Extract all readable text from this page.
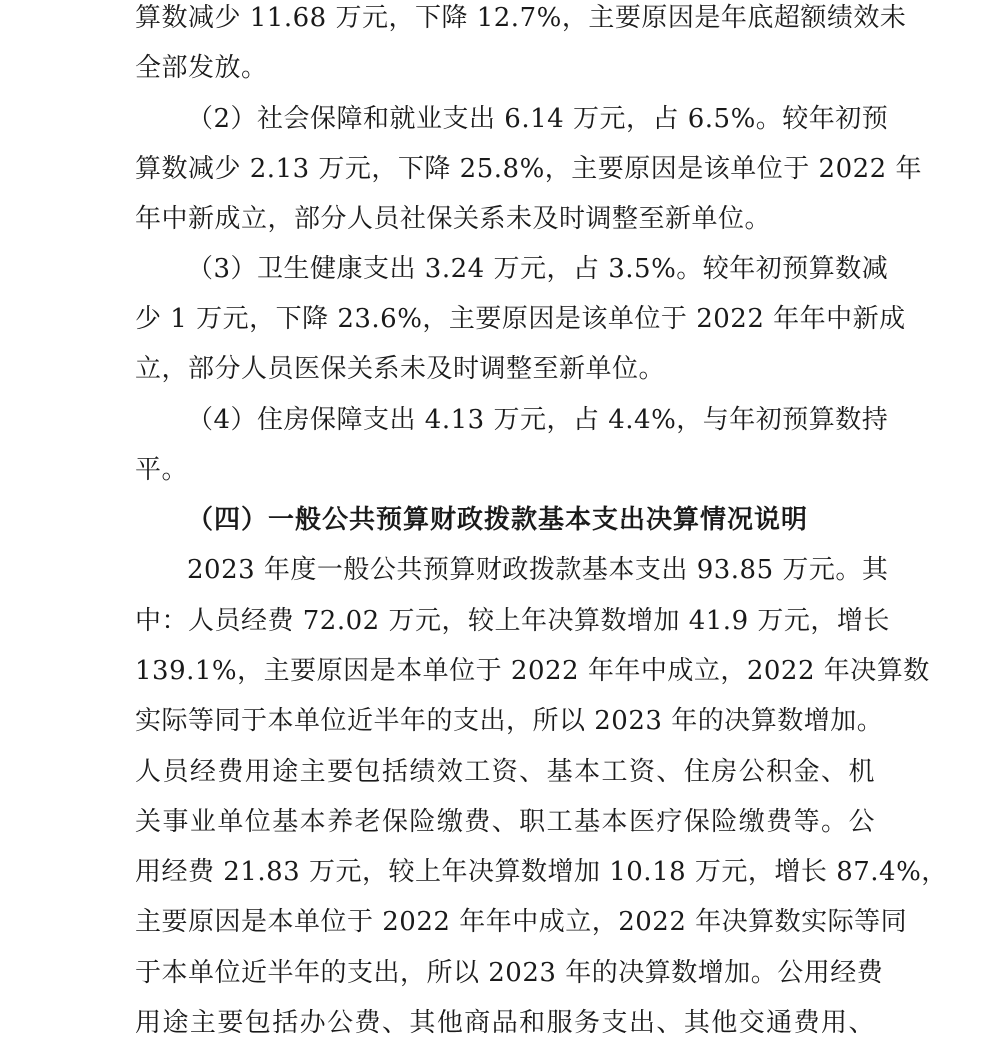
算数减少 11.68 万元，下降 12.7%，主要原因是年底超额绩效未
全部发放。
（2）社会保障和就业支出 6.14 万元，占 6.5%。较年初预
算数减少 2.13 万元，下降 25.8%，主要原因是该单位于 2022 年
年中新成立，部分人员社保关系未及时调整至新单位。
（3）卫生健康支出 3.24 万元，占 3.5%。较年初预算数减
少 1 万元，下降 23.6%，主要原因是该单位于 2022 年年中新成
立，部分人员医保关系未及时调整至新单位。
（4）住房保障支出 4.13 万元，占 4.4%，与年初预算数持
平。
（四）一般公共预算财政拨款基本支出决算情况说明
2023 年度一般公共预算财政拨款基本支出 93.85 万元。其
中：人员经费 72.02 万元，较上年决算数增加 41.9 万元，增长
139.1%，主要原因是本单位于 2022 年年中成立，2022 年决算数
实际等同于本单位近半年的支出，所以 2023 年的决算数增加。
人员经费用途主要包括绩效工资、基本工资、住房公积金、机
关事业单位基本养老保险缴费、职工基本医疗保险缴费等。公
用经费 21.83 万元，较上年决算数增加 10.18 万元，增长 87.4%，
主要原因是本单位于 2022 年年中成立，2022 年决算数实际等同
于本单位近半年的支出，所以 2023 年的决算数增加。公用经费
用途主要包括办公费、其他商品和服务支出、其他交通费用、
